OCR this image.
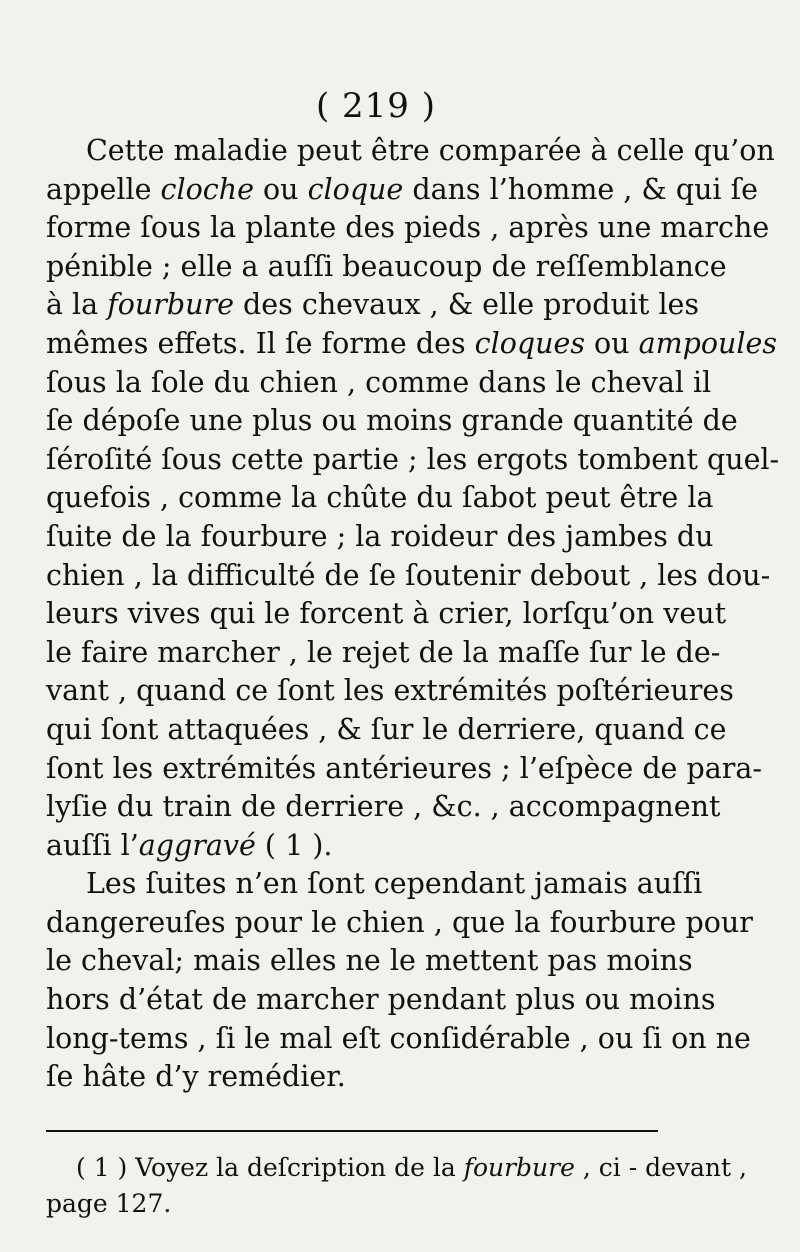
( 219 )
Cette maladie peut être comparée à celle qu’on
appelle cloche ou cloque dans l’homme , & qui ſe
forme ſous la plante des pieds , après une marche
pénible ; elle a auſſi beaucoup de reſſemblance
à la fourbure des chevaux , & elle produit les
mêmes effets. Il ſe forme des cloques ou ampoules
ſous la ſole du chien , comme dans le cheval il
ſe dépoſe une plus ou moins grande quantité de
ſéroſité ſous cette partie ; les ergots tombent quel-
quefois , comme la chûte du ſabot peut être la
ſuite de la fourbure ; la roideur des jambes du
chien , la difficulté de ſe ſoutenir debout , les dou-
leurs vives qui le forcent à crier, lorſqu’on veut
le faire marcher , le rejet de la maſſe ſur le de-
vant , quand ce ſont les extrémités poſtérieures
qui ſont attaquées , & ſur le derriere, quand ce
ſont les extrémités antérieures ; l’eſpèce de para-
lyſie du train de derriere , &c. , accompagnent
auſſi l’aggravé ( 1 ).
Les ſuites n’en ſont cependant jamais auſſi
dangereuſes pour le chien , que la fourbure pour
le cheval; mais elles ne le mettent pas moins
hors d’état de marcher pendant plus ou moins
long-tems , ſi le mal eſt conſidérable , ou ſi on ne
ſe hâte d’y remédier.
( 1 ) Voyez la deſcription de la fourbure , ci - devant ,
page 127.
